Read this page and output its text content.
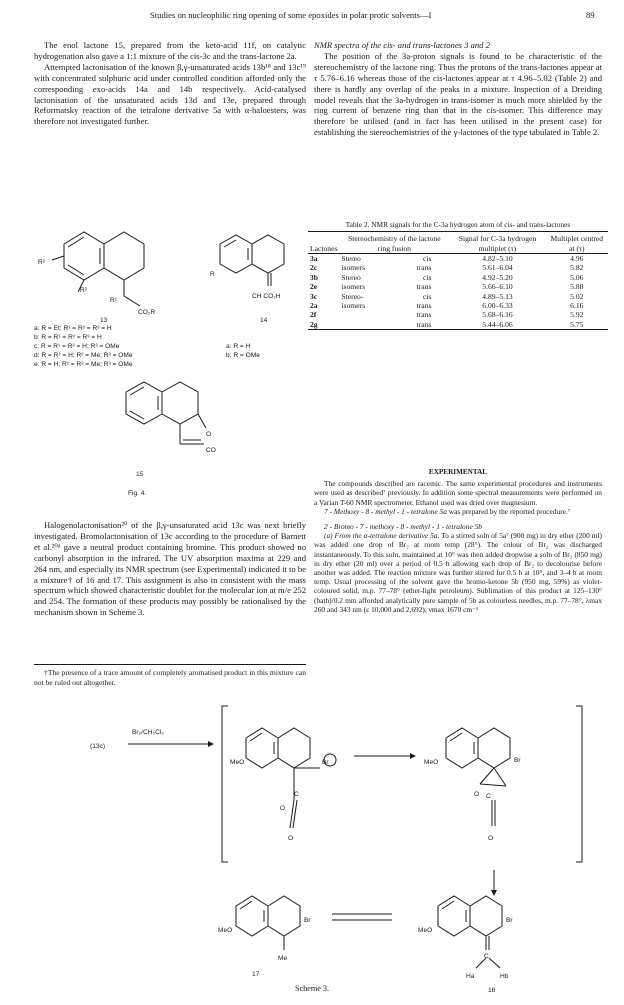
Studies on nucleophilic ring opening of some epoxides in polar protic solvents—I	89

The enol lactone 15, prepared from the keto-acid 11f, on catalytic hydrogenation also gave a 1:1 mixture of the cis-3c and the trans-lactone 2a.

Attempted lactonisation of the known β,γ-unsaturated acids 13b¹⁸ and 13c¹⁹ with concentrated sulphuric acid under controlled condition afforded only the corresponding exo-acids 14a and 14b respectively. Acid-catalysed lactonisation of the unsaturated acids 13d and 13e, prepared through Reformatsky reaction of the tetralone derivative 5a with α-haloesters, was therefore not investigated further.

R²
R¹
R²
CO₂R
13
a: R = Et; R¹ = R² = R³ = H
b: R = R¹ = R² = R³ = H
c: R = R¹ = R² = H; R³ = OMe
d: R = R¹ = H; R² = Me; R³ = OMe
e: R = H; R¹ = R² = Me; R³ = OMe
R
CH CO₂H
14
a: R = H
b: R = OMe
O
CO
15
Fig. 4.

Halogenolactonisation²⁰ of the β,γ-unsaturated acid 13c was next briefly investigated. Bromolactonisation of 13c according to the procedure of Barnett et al.²⁰ᵈ gave a neutral product containing bromine. This product showed no carbonyl absorption in the infrared. The UV absorption maxima at 229 and 264 nm, and especially its NMR spectrum (see Experimental) indicated it to be a mixture† of 16 and 17. This assignment is also in consistent with the mass spectrum which showed characteristic doublet for the molecular ion at m/e 252 and 254. The formation of these products may possibly be rationalised by the mechanism shown in Scheme 3.

†The presence of a trace amount of completely aromatised product in this mixture can not be ruled out altogether.

NMR spectra of the cis- and trans-lactones 3 and 2

The position of the 3a-proton signals is found to be characteristic of the stereochemistry of the lactone ring. Thus the protons of the trans-lactones appear at τ 5.76–6.16 whereas those of the cis-lactones appear at τ 4.96–5.02 (Table 2) and there is hardly any overlap of the peaks in a mixture. Inspection of a Dreiding model reveals that the 3a-hydrogen in trans-isomer is much more shielded by the ring current of benzene ring than that in the cis-isomer. This difference may therefore be utilised (and in fact has been utilised in the present case) for establishing the stereochemistries of the γ-lactones of the type tabulated in Table 2.

Table 2. NMR signals for the C-3a hydrogen atom of cis- and trans-lactones
Lactones	Stereochemistry of the lactone ring fusion	Signal for C-3a hydrogen multiplet (τ)	Multiplet centred at (τ)
3a	Stereo cis	4.82–5.10	4.96
2c	isomers trans	5.61–6.04	5.82
3b	Stereo cis	4.92–5.20	5.06
2e	isomers trans	5.66–6.10	5.88
3c	Stereo- cis	4.89–5.13	5.02
2a	isomers trans	6.00–6.33	6.16
2f	trans	5.68–6.16	5.92
2g	trans	5.44–6.06	5.75

EXPERIMENTAL

The compounds described are racemic. The same experimental procedures and instruments were used as described⁷ previously. In addition some spectral measurements were performed on a Varian T-60 NMR spectrometer. Ethanol used was dried over magnesium.

7 - Methoxy - 8 - methyl - 1 - tetralone 5a was prepared by the reported procedure.⁷

2 - Bromo - 7 - methoxy - 8 - methyl - 1 - tetralone 5b

(a) From the α-tetralone derivative 5a. To a stirred soln of 5a⁷ (900 mg) in dry ether (200 ml) was added one drop of Br₂ at room temp (28°). The colour of Br₂ was discharged instantaneously. To this soln, maintained at 10° was then added dropwise a soln of Br₂ (850 mg) in dry ether (20 ml) over a period of 0.5 h allowing each drop of Br₂ to decolourise before another was added. The reaction mixture was further stirred for 0.5 h at 10°, and 3–4 h at room temp. Usual processing of the solvent gave the bromo-ketone 5b (950 mg, 59%) as violet-coloured solid, m.p. 77–78° (ether-light petroleum). Sublimation of this product at 125–130° (bath)/0.2 mm afforded analytically pure sample of 5b as colourless needles, m.p. 77–78°, λmax 260 and 343 nm (ε 10,000 and 2,692), νmax 1670 cm⁻¹

(13c)
Br₂/CH₂Cl₂
MeO
C
O
O
Br	MeO	Br
O C
O
MeO
Br
Me
17
MeO
C
Br
Ha	Hb
16
Scheme 3.
